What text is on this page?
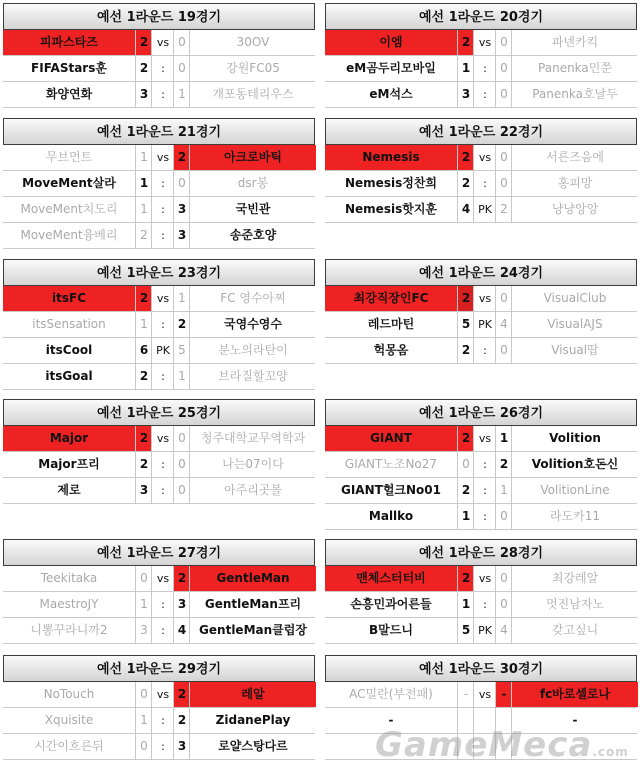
예선 1라운드 19경기
피파스타즈	2 vs 0	30OV
FIFAStars훈	2	:	0	강원FC05
화양연화	3	:	1	개포동테리우스
예선 1라운드 21경기
무브먼트	1 vs 2	아크로바틱
MoveMent살라	1	:	0	dsr봉
MoveMent치도리	1	:	3	국빈관
MoveMent융베리	2	:	3	송준호양
예선 1라운드 23경기
itsFC	2 vs 1	FC 영수아찌
itsSensation	1	:	2	국영수영수
itsCool	6 PK 5	분노의라탄이
itsGoal	2	:	1	브라질할꼬양
예선 1라운드 25경기
Major	2 vs 0	청주대학교무역학과
Major프리	2	:	0	나는07이다
제로	3	:	0	아주리곳볼
예선 1라운드 27경기
Teekitaka	0 vs 2	GentleMan
MaestroJY	1	:	3	GentleMan프리
니뽕꾸라니까2	3	:	4	GentleMan클럽장
예선 1라운드 29경기
NoTouch	0 vs 2	레알
Xquisite	1	:	2	ZidanePlay
시간이흐른뒤	0	:	3	로얄스탕다르
예선 1라운드 20경기
이엠	2 vs 0	파넨카킥
eM곰두리모바일	1	:	0	Panenka민쭌
eM석스	3	:	0	Panenka호날두
예선 1라운드 22경기
Nemesis	2 vs 0	서른즈음에
Nemesis정찬희	2	:	0	홍피망
Nemesis핫지훈	4 PK 2	냥냥앙앙
예선 1라운드 24경기
최강직장인FC	2 vs 0	VisualClub
레드마틴	5 PK 4	VisualAJS
헉몽옴	2	:	0	Visual땁
예선 1라운드 26경기
GIANT	2 vs 1	Volition
GIANT노조No27	0	:	2	Volition호돈신
GIANT헐크No01	2	:	1	VolitionLine
Mallko	1	:	0	라도카11
예선 1라운드 28경기
맨체스터터비	2 vs 0	최강레알
손흥민과어른들	1	:	0	멋진남자노
B말드니	5 PK 4	갖고싶니
예선 1라운드 30경기
AC밀란(부전패)	- vs -	fc바로셀로나
-	-
GameMeca.com
